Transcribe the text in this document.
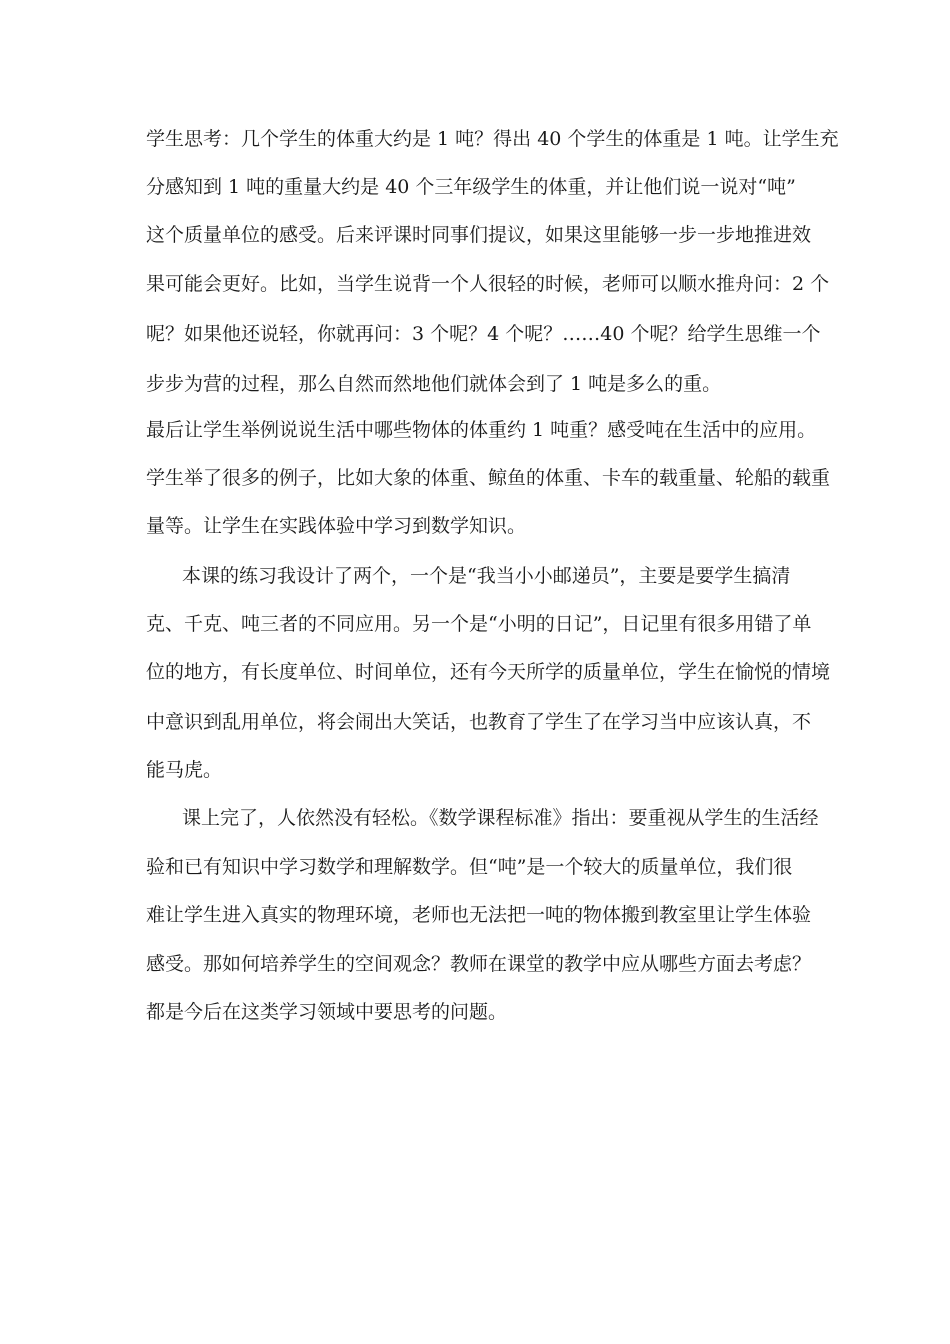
学生思考：几个学生的体重大约是 1 吨？得出 40 个学生的体重是 1 吨。让学生充
分感知到 1 吨的重量大约是 40 个三年级学生的体重，并让他们说一说对“吨”
这个质量单位的感受。后来评课时同事们提议，如果这里能够一步一步地推进效
果可能会更好。比如，当学生说背一个人很轻的时候，老师可以顺水推舟问：2 个
呢？如果他还说轻，你就再问：3 个呢？4 个呢？……40 个呢？给学生思维一个
步步为营的过程，那么自然而然地他们就体会到了 1 吨是多么的重。
最后让学生举例说说生活中哪些物体的体重约 1 吨重？感受吨在生活中的应用。
学生举了很多的例子，比如大象的体重、鲸鱼的体重、卡车的载重量、轮船的载重
量等。让学生在实践体验中学习到数学知识。
本课的练习我设计了两个，一个是“我当小小邮递员”，主要是要学生搞清
克、千克、吨三者的不同应用。另一个是“小明的日记”，日记里有很多用错了单
位的地方，有长度单位、时间单位，还有今天所学的质量单位，学生在愉悦的情境
中意识到乱用单位，将会闹出大笑话，也教育了学生了在学习当中应该认真，不
能马虎。
课上完了，人依然没有轻松。《数学课程标准》指出：要重视从学生的生活经
验和已有知识中学习数学和理解数学。但“吨”是一个较大的质量单位，我们很
难让学生进入真实的物理环境，老师也无法把一吨的物体搬到教室里让学生体验
感受。那如何培养学生的空间观念？教师在课堂的教学中应从哪些方面去考虑？
都是今后在这类学习领域中要思考的问题。
